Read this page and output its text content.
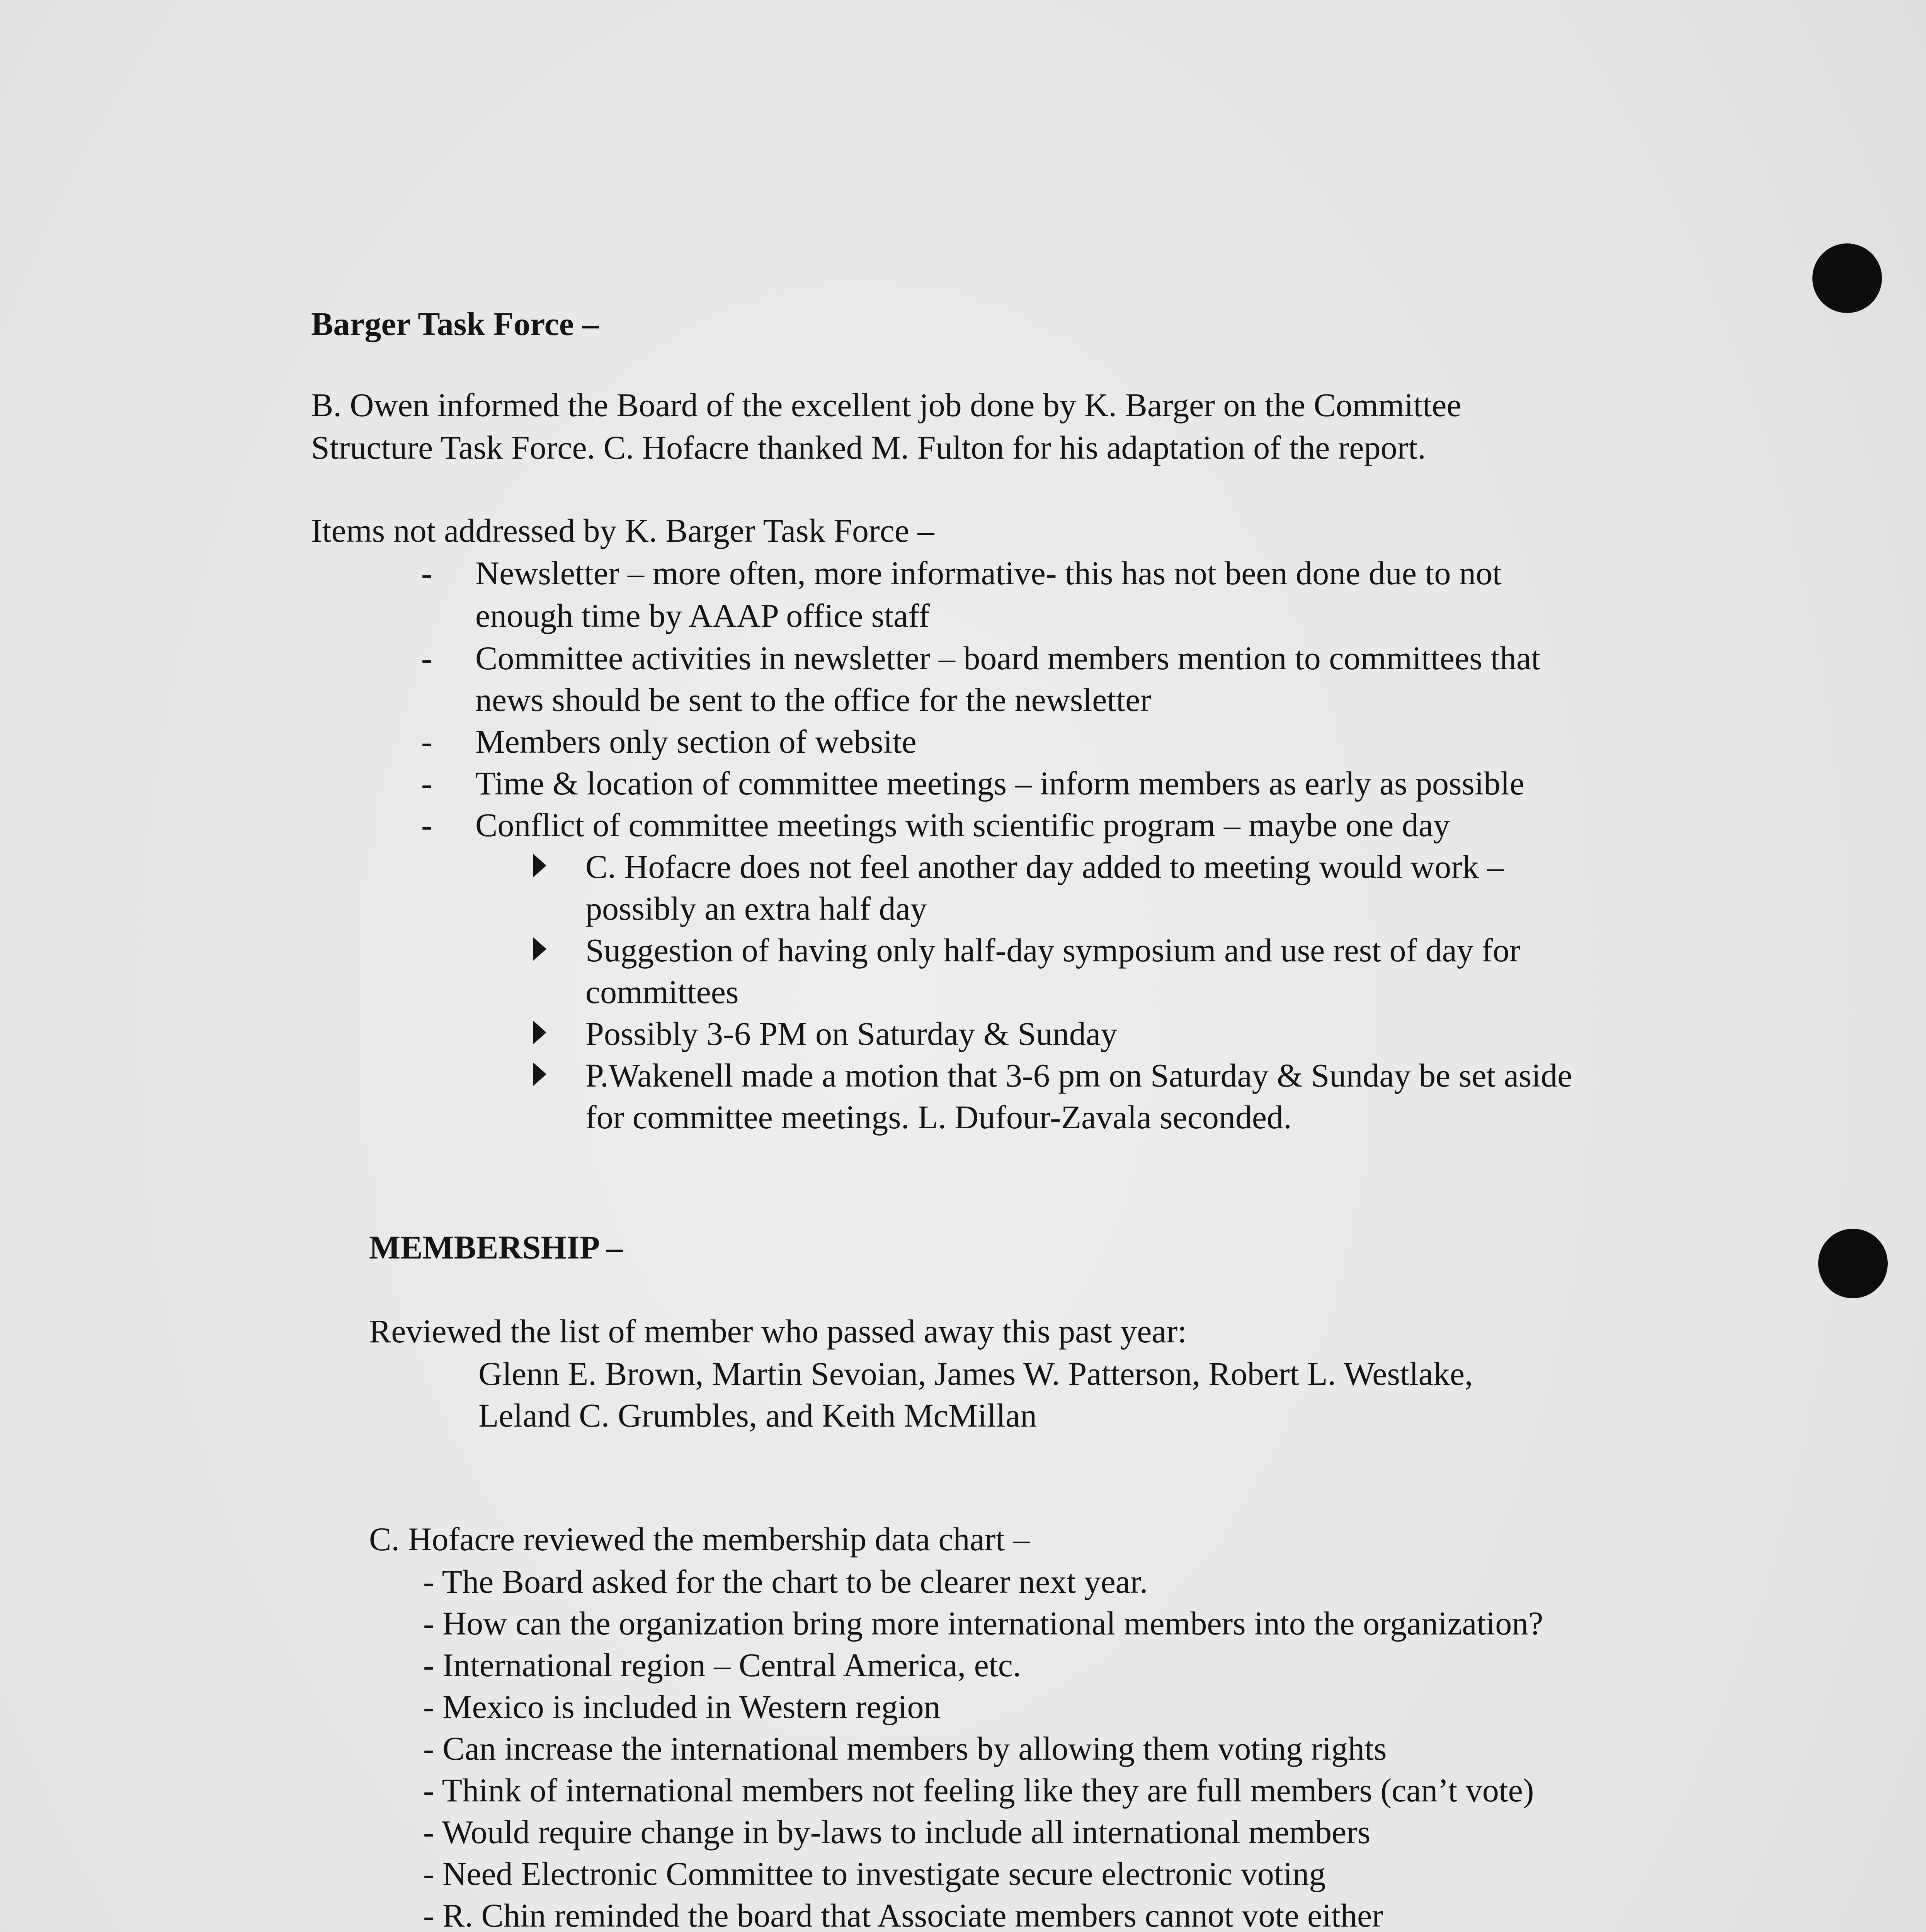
Barger Task Force –
B. Owen informed the Board of the excellent job done by K. Barger on the Committee
Structure Task Force. C. Hofacre thanked M. Fulton for his adaptation of the report.
Items not addressed by K. Barger Task Force –
- Newsletter – more often, more informative- this has not been done due to not
enough time by AAAP office staff
- Committee activities in newsletter – board members mention to committees that
news should be sent to the office for the newsletter
- Members only section of website
- Time & location of committee meetings – inform members as early as possible
- Conflict of committee meetings with scientific program – maybe one day
C. Hofacre does not feel another day added to meeting would work –
possibly an extra half day
Suggestion of having only half-day symposium and use rest of day for
committees
Possibly 3-6 PM on Saturday & Sunday
P.Wakenell made a motion that 3-6 pm on Saturday & Sunday be set aside
for committee meetings. L. Dufour-Zavala seconded.
MEMBERSHIP –
Reviewed the list of member who passed away this past year:
Glenn E. Brown, Martin Sevoian, James W. Patterson, Robert L. Westlake,
Leland C. Grumbles, and Keith McMillan
C. Hofacre reviewed the membership data chart –
- The Board asked for the chart to be clearer next year.
- How can the organization bring more international members into the organization?
- International region – Central America, etc.
- Mexico is included in Western region
- Can increase the international members by allowing them voting rights
- Think of international members not feeling like they are full members (can’t vote)
- Would require change in by-laws to include all international members
- Need Electronic Committee to investigate secure electronic voting
- R. Chin reminded the board that Associate members cannot vote either
